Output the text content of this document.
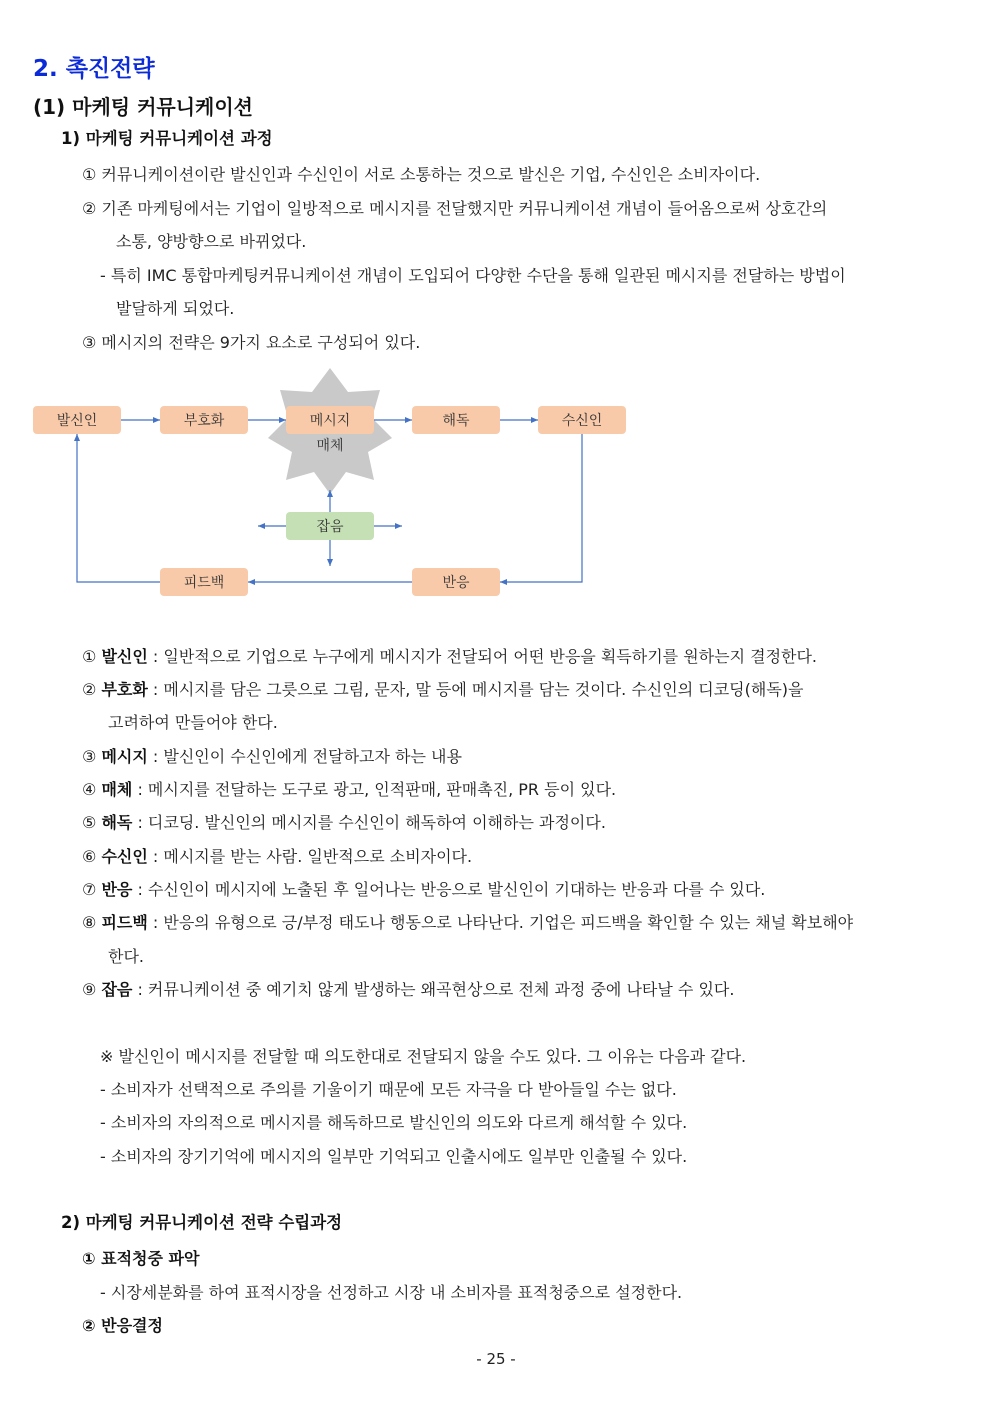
2. 촉진전략
(1) 마케팅 커뮤니케이션
1) 마케팅 커뮤니케이션 과정
① 커뮤니케이션이란 발신인과 수신인이 서로 소통하는 것으로 발신은 기업, 수신인은 소비자이다.
② 기존 마케팅에서는 기업이 일방적으로 메시지를 전달했지만 커뮤니케이션 개념이 들어옴으로써 상호간의
소통, 양방향으로 바뀌었다.
- 특히 IMC 통합마케팅커뮤니케이션 개념이 도입되어 다양한 수단을 통해 일관된 메시지를 전달하는 방법이
발달하게 되었다.
③ 메시지의 전략은 9가지 요소로 구성되어 있다.
발신인	부호화	메시지
매체
해독	수신인
잡음
피드백	반응
① 발신인 : 일반적으로 기업으로 누구에게 메시지가 전달되어 어떤 반응을 획득하기를 원하는지 결정한다.
② 부호화 : 메시지를 담은 그릇으로 그림, 문자, 말 등에 메시지를 담는 것이다. 수신인의 디코딩(해독)을
고려하여 만들어야 한다.
③ 메시지 : 발신인이 수신인에게 전달하고자 하는 내용
④ 매체 : 메시지를 전달하는 도구로 광고, 인적판매, 판매촉진, PR 등이 있다.
⑤ 해독 : 디코딩. 발신인의 메시지를 수신인이 해독하여 이해하는 과정이다.
⑥ 수신인 : 메시지를 받는 사람. 일반적으로 소비자이다.
⑦ 반응 : 수신인이 메시지에 노출된 후 일어나는 반응으로 발신인이 기대하는 반응과 다를 수 있다.
⑧ 피드백 : 반응의 유형으로 긍/부정 태도나 행동으로 나타난다. 기업은 피드백을 확인할 수 있는 채널 확보해야
한다.
⑨ 잡음 : 커뮤니케이션 중 예기치 않게 발생하는 왜곡현상으로 전체 과정 중에 나타날 수 있다.
※ 발신인이 메시지를 전달할 때 의도한대로 전달되지 않을 수도 있다. 그 이유는 다음과 같다.
- 소비자가 선택적으로 주의를 기울이기 때문에 모든 자극을 다 받아들일 수는 없다.
- 소비자의 자의적으로 메시지를 해독하므로 발신인의 의도와 다르게 해석할 수 있다.
- 소비자의 장기기억에 메시지의 일부만 기억되고 인출시에도 일부만 인출될 수 있다.
2) 마케팅 커뮤니케이션 전략 수립과정
① 표적청중 파악
- 시장세분화를 하여 표적시장을 선정하고 시장 내 소비자를 표적청중으로 설정한다.
② 반응결정
- 25 -
